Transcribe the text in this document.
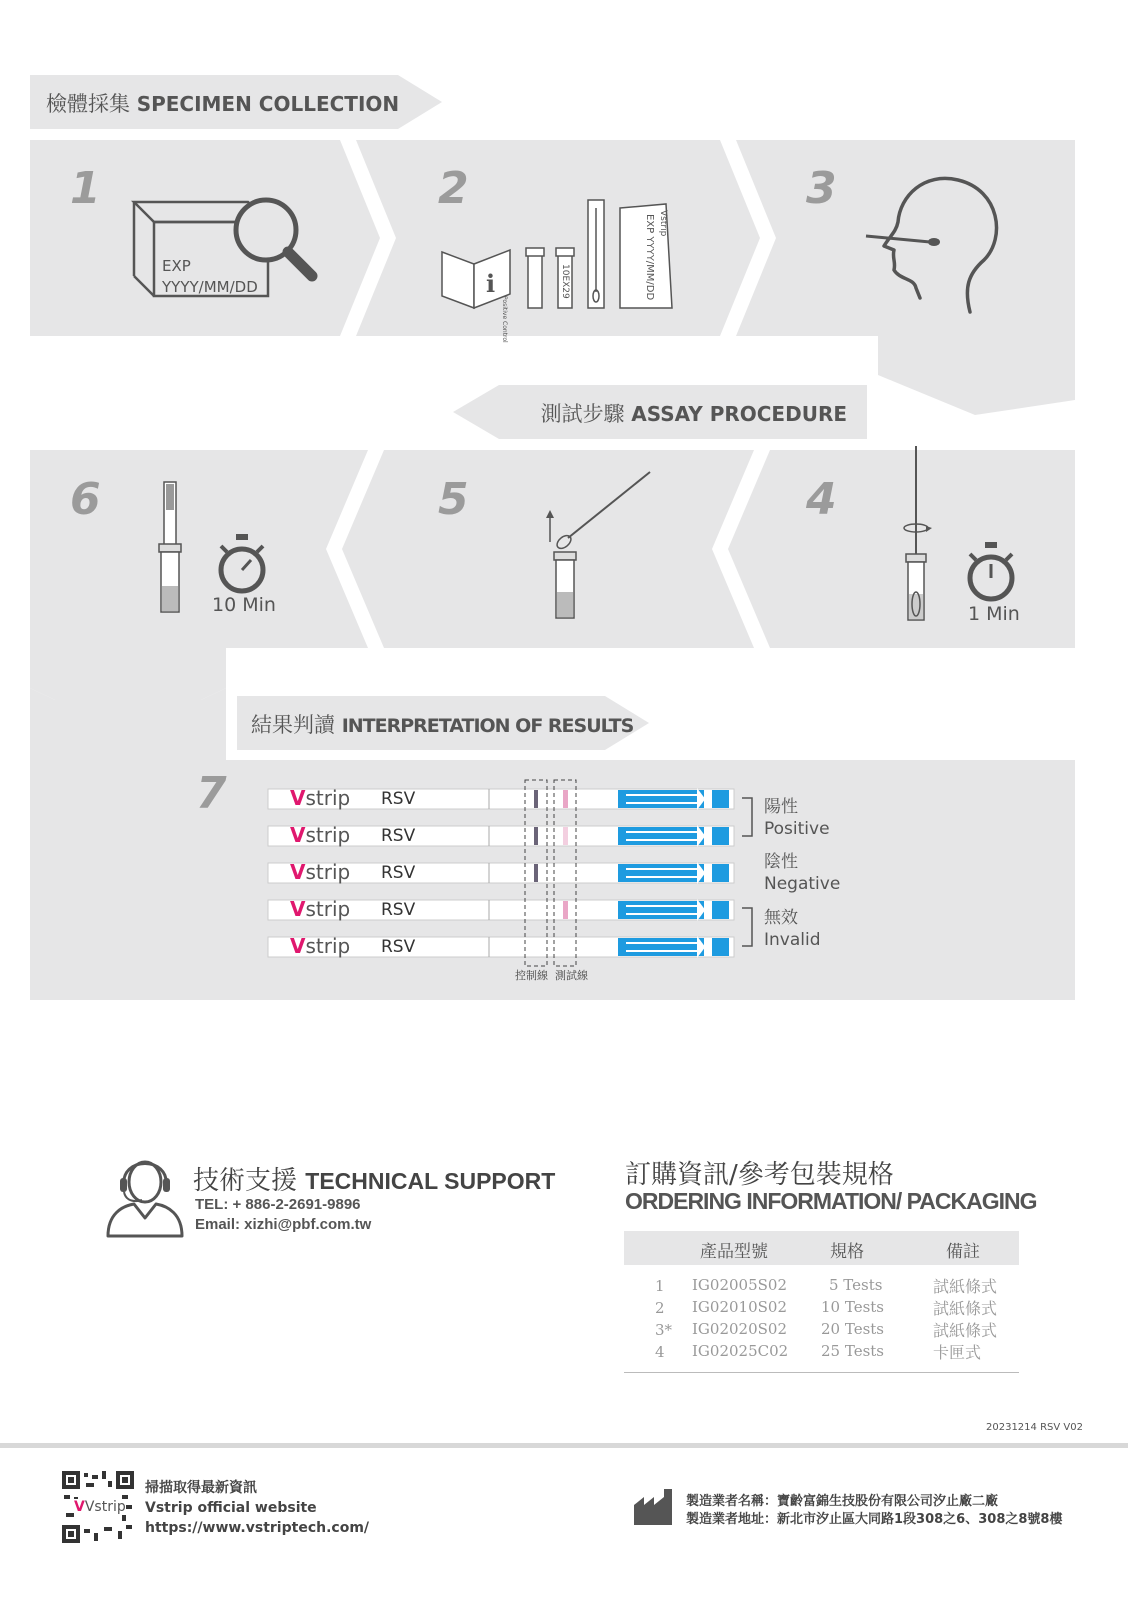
檢體採集 SPECIMEN COLLECTION
1
EXP
YYYY/MM/DD
2
i
Positive Control
10EX29
Vstrip
EXP YYYY/MM/DD
3
測試步驟 ASSAY PROCEDURE
4
1 Min
5
6
10 Min
結果判讀 INTERPRETATION OF RESULTS
7	Vstrip RSV
Vstrip RSV
Vstrip RSV
Vstrip RSV
Vstrip RSV
陽性
Positive
陰性
Negative
無效
Invalid
控制線 測試線
技術支援 TECHNICAL SUPPORT
TEL: + 886-2-2691-9896
Email: xizhi@pbf.com.tw
訂購資訊/參考包裝規格
ORDERING INFORMATION/ PACKAGING
產品型號	規格	備註
1 IG02005S02	5 Tests	試紙條式
2 IG02010S02 10 Tests	試紙條式
3* IG02020S02 20 Tests	試紙條式
4 IG02025C02 25 Tests	卡匣式
20231214 RSV V02
VVstrip
掃描取得最新資訊
Vstrip official website
https://www.vstriptech.com/
製造業者名稱：寶齡富錦生技股份有限公司汐止廠二廠
製造業者地址：新北市汐止區大同路1段308之6、308之8號8樓
